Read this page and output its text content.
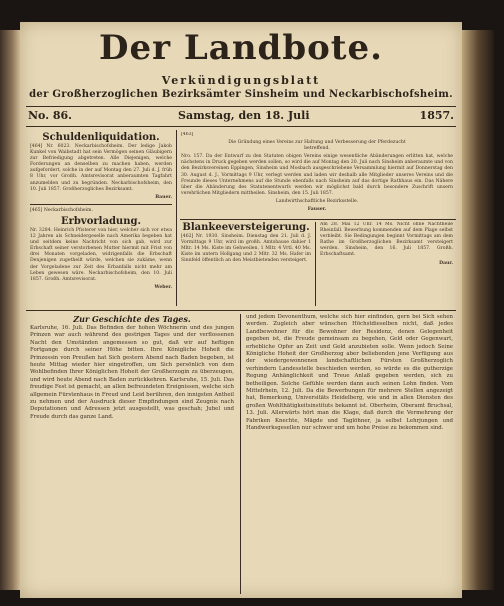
Der Landbote.
Verkündigungsblatt
der Großherzoglichen Bezirksämter Sinsheim und Neckarbischofsheim.
No. 86.	Samstag, den 18. Juli	1857.
Schuldenliquidation.

[464] Nr. 6023. Neckarbischofsheim. Der ledige Jakob Kunkel von Waibstadt hat sein Vermögen seinen Gläubigern zur Befriedigung abgetreten. Alle Diejenigen, welche Forderungen an denselben zu machen haben, werden aufgefordert, solche in der auf Montag den 27. Juli d. J. früh 8 Uhr, vor Großh. Amtsrevisorat anberaumten Tagfahrt anzumelden und zu begründen. Neckarbischofsheim, den 10. Juli 1857. Großherzogliches Bezirksamt.

Bauer.

[465] Neckarbischofsheim.

Erbvorladung.

Nr. 3284. Heinrich Pfisterer von hier, welcher sich vor etwa 12 Jahren als Schneidergeselle nach Amerika begeben hat und seitdem keine Nachricht von sich gab, wird zur Erbschaft seiner verstorbenen Mutter hiermit mit Frist von drei Monaten vorgeladen, widrigenfalls die Erbschaft Denjenigen zugetheilt würde, welchen sie zukäme, wenn der Vorgeladene zur Zeit des Erbanfalls nicht mehr am Leben gewesen wäre. Neckarbischofsheim, den 10. Juli 1857. Großh. Amtsrevisorat.

Weber.

[463]

Die Gründung eines Vereins zur Haltung und Verbesserung der Pferdezucht betreffend.

Nro. 157. Da der Entwurf zu den Statuten obigen Vereins einige wesentliche Abänderungen erlitten hat, welche nächstens in Druck gegeben werden sollen, so wird die auf Montag den 20. Juli nach Sinsheim anberaumte und von den Bezirksvereinen Eppingen, Sinsheim und Mosbach ausgeschriebene Versammlung hiermit auf Donnerstag den 30. August d. J., Vormittags 9 Uhr, verlegt werden und laden wir deshalb alle Mitglieder unseres Vereins und die Freunde dieses Unternehmens auf die Stunde ebenfalls nach Sinsheim auf das dortige Rathhaus ein. Das Nähere über die Abänderung des Statutenentwurfs werden wir möglichst bald durch besondere Zuschrift unsern verehrlichen Mitgliedern mittheilen. Sinsheim, den 15. Juli 1857.

Landwirthschaftliche Bezirksstelle.

Fauser.

Blankeeversteigerung.

[462] Nr. 1930. Sinsheim. Dienstag den 21. Juli d. J. Vormittags 9 Uhr, wird im großh. Amtshause dahier 1 Mltr. 14 Ms. Kiste im Gehweilen, 1 Mltr. 4 Vrtl. 40 Ms. Kiste im untern Hollgang und 2 Mltr. 32 Ms. Hafer im Sinnfeld öffentlich an den Meistbietenden versteigert.

Am 28. Mai 12 Uhr. 14 Ms. Nicht ohne Nachtheile Rheinfall. Bewerbung kommenden auf dem Plage selbst verbleibt. Sie Bedingungen beginnt Vormittags am dem Rathe im Großherzoglichen Bezirksamt versteigert werden. Sinsheim, den 16. Juli 1857. Großh. Erbschaftsamt.

Daur.

Zur Geschichte des Tages.

Karlsruhe, 16. Juli. Das Befinden der hohen Wöchnerin und des jungen Prinzen war auch während des gestrigen Tages und der verflossenen Nacht den Umständen angemessen so gut, daß wir auf heftigen Fortgange durch seiner Höhe bitten. Ihre Königliche Hoheit die Prinzessin von Preußen hat Sich gestern Abend nach Baden begeben, ist heute Mittag wieder hier eingetroffen, um Sich persönlich von dem Wohlbefinden Ihrer Königlichen Hoheit der Großherzogin zu überzeugen, und wird heute Abend nach Baden zurückkehren. Karlsruhe, 15. Juli. Das freudige Fest ist gemacht, an allen befreundeten Ereignissen, welche sich allgemein Fürstenhaus in Freud und Leid berühren, den innigsten Antheil zu nehmen und der Ausdruck dieser Empfindungen sind Zeugnis nach Deputationen und Adressen jetzt ausgestellt, was geschah; Jubel und Freude durch das ganze Land.

und jedem Devonenthum, welche sich hier einfinden, gern bei Sich sehen werden. Zugleich aber wünschen Höchstdieselben nicht, daß jedes Landbewohner für die Bewohner der Residenz, denen Gelegenheit gegeben ist, die Freude gemeinsam zu begehen, Geld oder Gegenwart, erhebliche Opfer an Zeit und Geld anzubieten solle. Wenn jedoch Seine Königliche Hoheit der Großherzog aber beliebenden jene Verfügung aus der wiedergewonnenen landschaftlichen Fürsten Großherzoglich verhindern Landesstelle beschieden werden, so würde es die gutherzige Regung Anhänglichkeit und Treue Anlaß gegeben werden, sich zu betheiligen. Solche Gefühle werden dann auch seinen Lohn finden. Vom Mittelrhein, 12. Juli. Da die Bewerbungen für mehrere Stellen angezeigt hat, Bemerkung, Universitäts Heidelberg, wie und in allen Diensten des großen Wohlthätigkeitsinstituts bekannt ist. Oberheim, Oberamt Bruchsal, 13. Juli. Allerwärts hört man die Klage, daß durch die Vermehrung der Fabriken Knechte, Mägde und Taglöhner, ja selbst Lehrjungen und Handwerksgesellen nur schwer und um hohe Preise zu bekommen sind.
